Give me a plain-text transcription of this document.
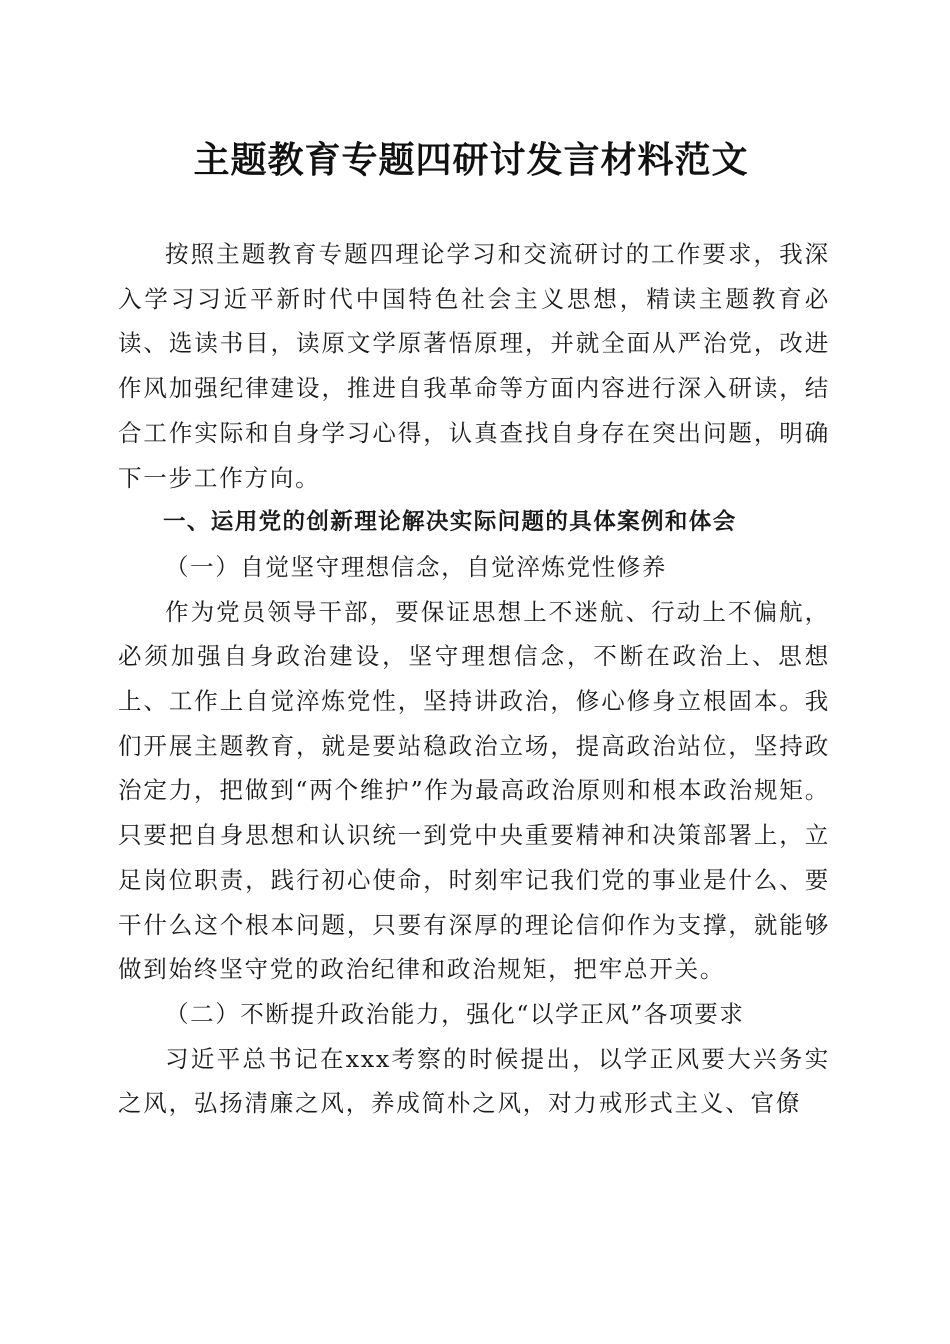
主题教育专题四研讨发言材料范文

按照主题教育专题四理论学习和交流研讨的工作要求，我深入学习习近平新时代中国特色社会主义思想，精读主题教育必读、选读书目，读原文学原著悟原理，并就全面从严治党，改进作风加强纪律建设，推进自我革命等方面内容进行深入研读，结合工作实际和自身学习心得，认真查找自身存在突出问题，明确下一步工作方向。

一、运用党的创新理论解决实际问题的具体案例和体会

（一）自觉坚守理想信念，自觉淬炼党性修养

作为党员领导干部，要保证思想上不迷航、行动上不偏航，必须加强自身政治建设，坚守理想信念，不断在政治上、思想上、工作上自觉淬炼党性，坚持讲政治，修心修身立根固本。我们开展主题教育，就是要站稳政治立场，提高政治站位，坚持政治定力，把做到“两个维护”作为最高政治原则和根本政治规矩。只要把自身思想和认识统一到党中央重要精神和决策部署上，立足岗位职责，践行初心使命，时刻牢记我们党的事业是什么、要干什么这个根本问题，只要有深厚的理论信仰作为支撑，就能够做到始终坚守党的政治纪律和政治规矩，把牢总开关。

（二）不断提升政治能力，强化“以学正风”各项要求

习近平总书记在xxx考察的时候提出，以学正风要大兴务实之风，弘扬清廉之风，养成简朴之风，对力戒形式主义、官僚
